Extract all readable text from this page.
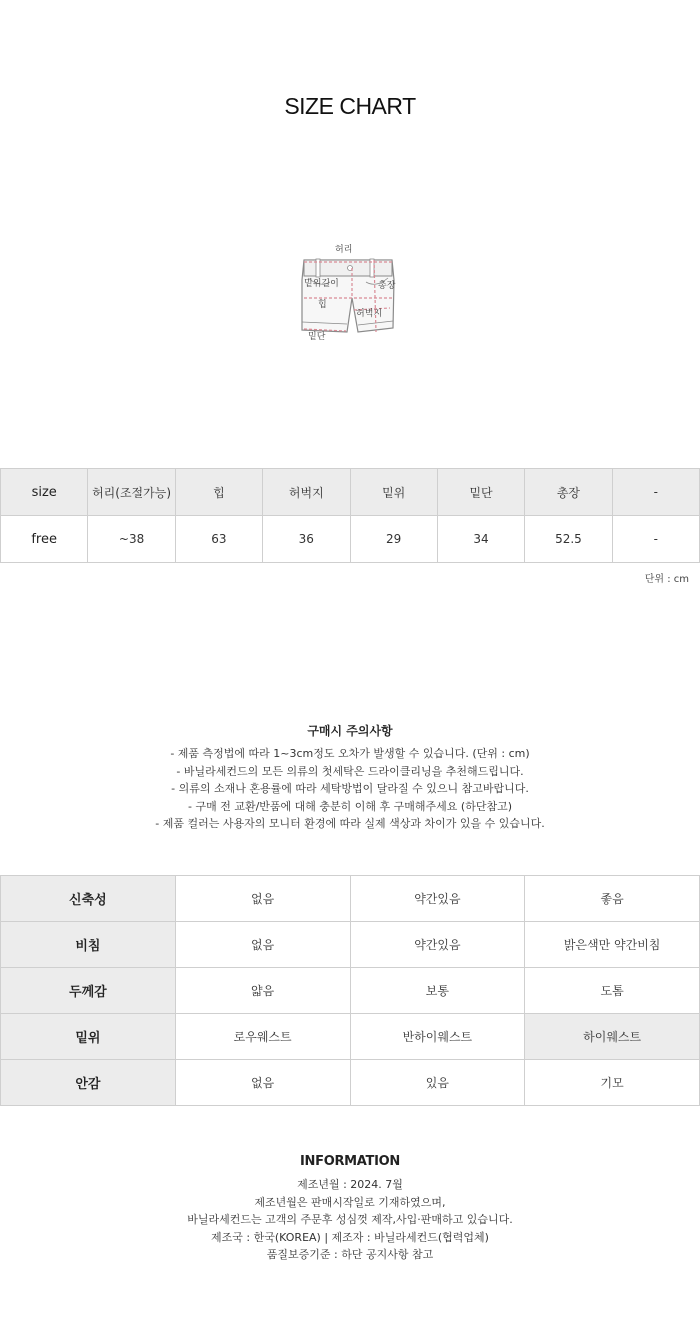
SIZE CHART
허리
밑위길이	총장
힙
허벅지
밑단
size	허리(조절가능)	힙	허벅지	밑위	밑단	총장	-
free	~38	63	36	29	34	52.5	-
단위 : cm
구매시 주의사항
- 제품 측정법에 따라 1~3cm정도 오차가 발생할 수 있습니다. (단위 : cm)
- 바닐라세컨드의 모든 의류의 첫세탁은 드라이클리닝을 추천해드립니다.
- 의류의 소재나 혼용률에 따라 세탁방법이 달라질 수 있으니 참고바랍니다.
- 구매 전 교환/반품에 대해 충분히 이해 후 구매해주세요 (하단참고)
- 제품 컬러는 사용자의 모니터 환경에 따라 실제 색상과 차이가 있을 수 있습니다.
신축성	없음	약간있음	좋음
비침	없음	약간있음	밝은색만 약간비침
두께감	얇음	보통	도톰
밑위	로우웨스트	반하이웨스트	하이웨스트
안감	없음	있음	기모
INFORMATION
제조년월 : 2024. 7월
제조년월은 판매시작일로 기재하였으며,
바닐라세컨드는 고객의 주문후 성심껏 제작,사입·판매하고 있습니다.
제조국 : 한국(KOREA) | 제조자 : 바닐라세컨드(협력업체)
품질보증기준 : 하단 공지사항 참고
